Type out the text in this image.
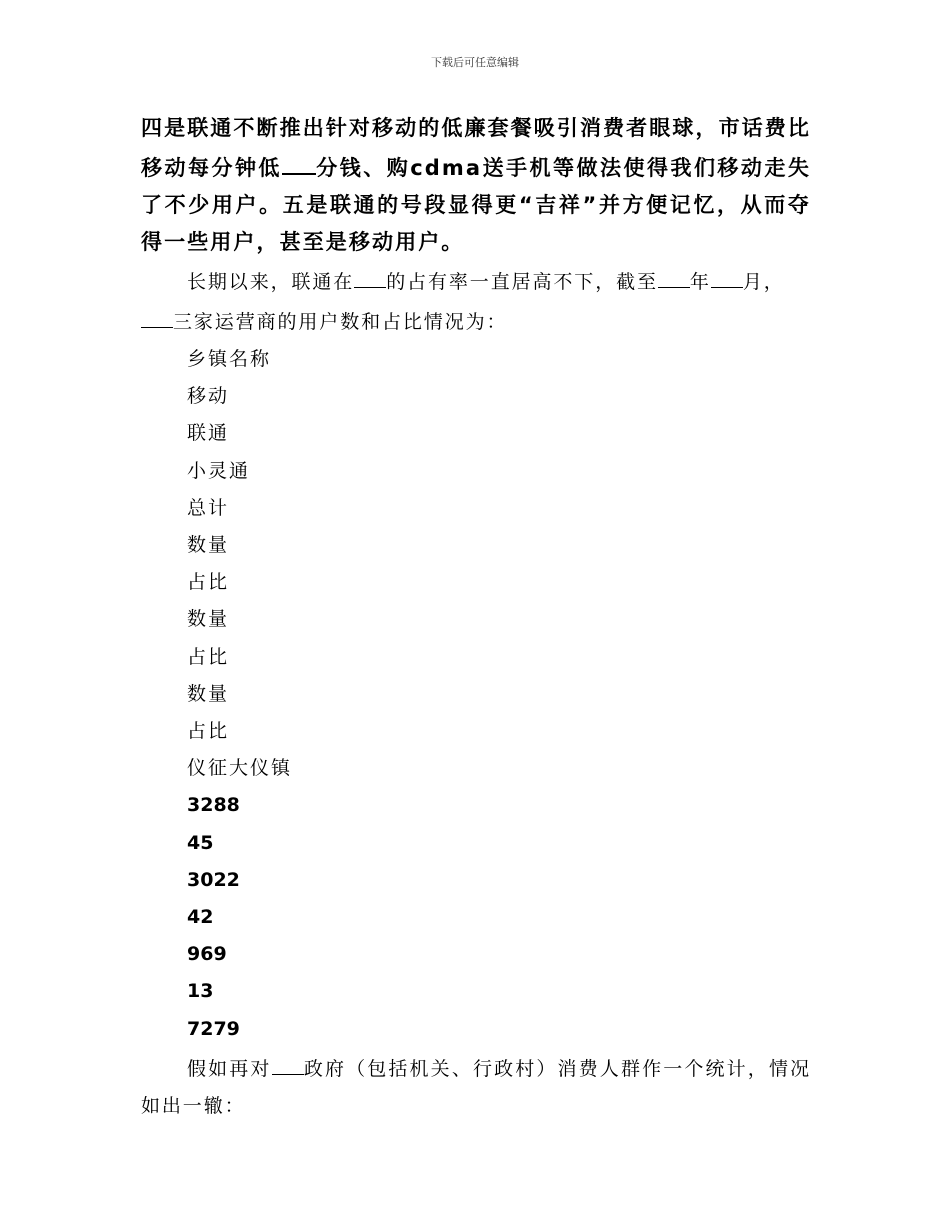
下载后可任意编辑

四是联通不断推出针对移动的低廉套餐吸引消费者眼球，市话费比移动每分钟低 分钱、购cdma送手机等做法使得我们移动走失了不少用户。五是联通的号段显得更“吉祥”并方便记忆，从而夺得一些用户，甚至是移动用户。

长期以来，联通在 的占有率一直居高不下，截至 年 月，
三家运营商的用户数和占比情况为：

乡镇名称
移动
联通
小灵通
总计
数量
占比
数量
占比
数量
占比
仪征大仪镇
3288
45
3022
42
969
13
7279

假如再对 政府（包括机关、行政村）消费人群作一个统计，情况如出一辙：
